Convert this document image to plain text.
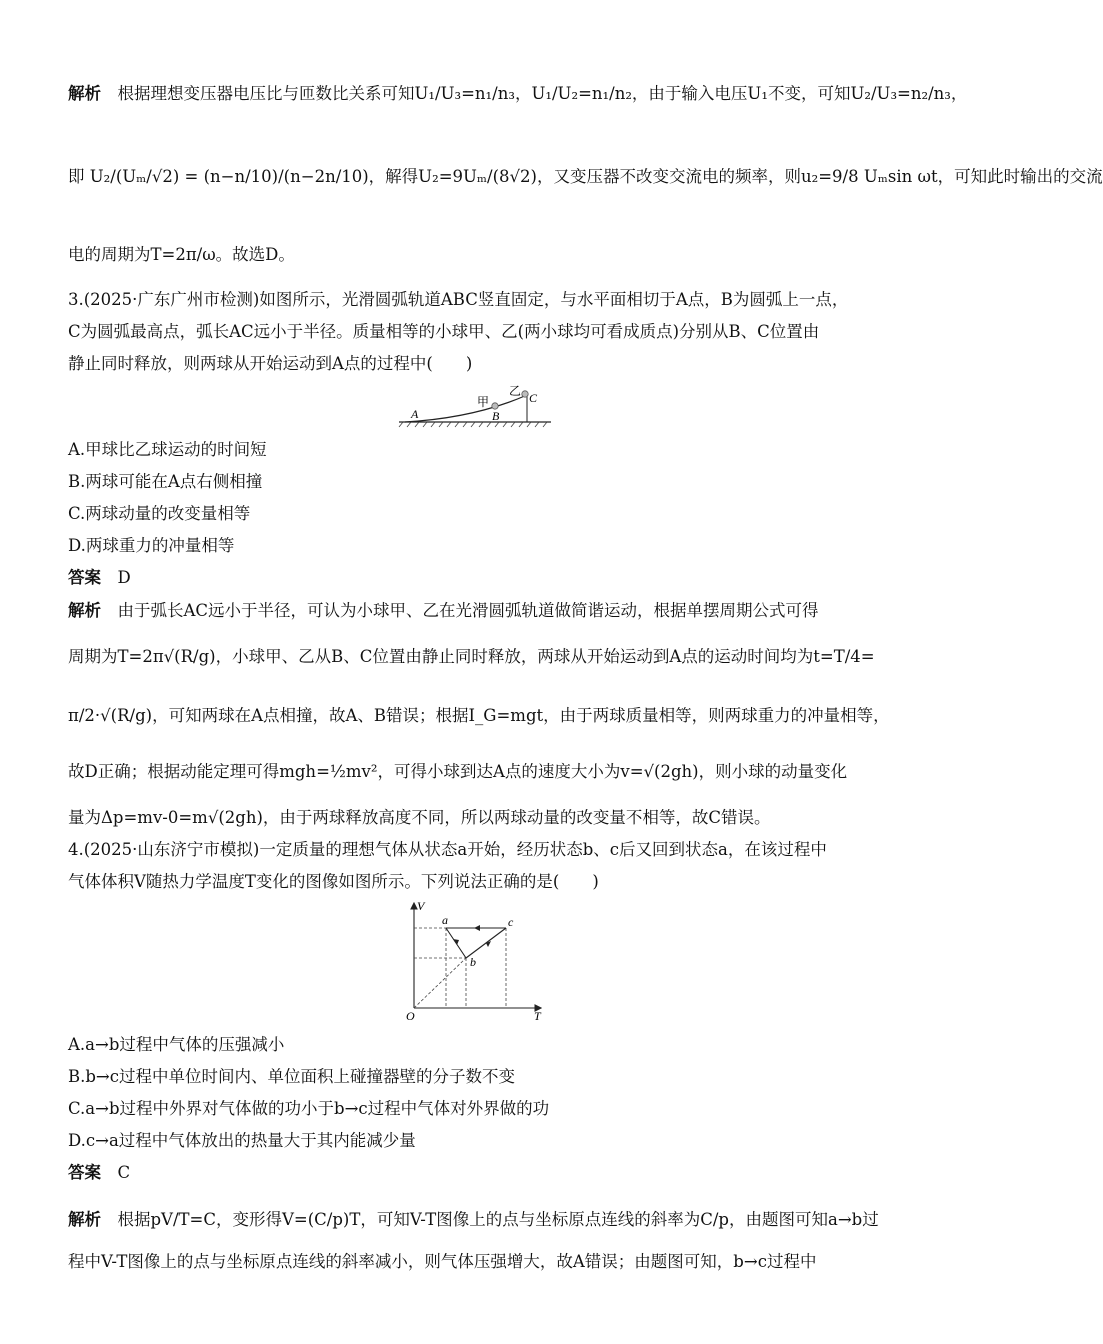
解析　 根据理想变压器电压比与匝数比关系可知U₁/U₃=n₁/n₃，U₁/U₂=n₁/n₂，由于输入电压U₁不变，可知U₂/U₃=n₂/n₃，
即 U₂/(Uₘ/√2) = (n−n/10)/(n−2n/10)，解得U₂=9Uₘ/(8√2)，又变压器不改变交流电的频率，则u₂=9/8 Uₘsin ωt，可知此时输出的交流
电的周期为T=2π/ω。故选D。
3.(2025·广东广州市检测)如图所示，光滑圆弧轨道ABC竖直固定，与水平面相切于A点，B为圆弧上一点，
C为圆弧最高点，弧长AC远小于半径。质量相等的小球甲、乙(两小球均可看成质点)分别从B、C位置由
静止同时释放，则两球从开始运动到A点的过程中(　　)
A	B
C
甲
乙
A.甲球比乙球运动的时间短
B.两球可能在A点右侧相撞
C.两球动量的改变量相等
D.两球重力的冲量相等
答案　 D
解析　 由于弧长AC远小于半径，可认为小球甲、乙在光滑圆弧轨道做简谐运动，根据单摆周期公式可得
周期为T=2π√(R/g)，小球甲、乙从B、C位置由静止同时释放，两球从开始运动到A点的运动时间均为t=T/4=
π/2·√(R/g)，可知两球在A点相撞，故A、B错误；根据I_G=mgt，由于两球质量相等，则两球重力的冲量相等，
故D正确；根据动能定理可得mgh=½mv²，可得小球到达A点的速度大小为v=√(2gh)，则小球的动量变化
量为Δp=mv-0=m√(2gh)，由于两球释放高度不同，所以两球动量的改变量不相等，故C错误。
4.(2025·山东济宁市模拟)一定质量的理想气体从状态a开始，经历状态b、c后又回到状态a，在该过程中
气体体积V随热力学温度T变化的图像如图所示。下列说法正确的是(　　)
V
T
O
a
b
c
A.a→b过程中气体的压强减小
B.b→c过程中单位时间内、单位面积上碰撞器壁的分子数不变
C.a→b过程中外界对气体做的功小于b→c过程中气体对外界做的功
D.c→a过程中气体放出的热量大于其内能减少量
答案　 C
解析　 根据pV/T=C，变形得V=(C/p)T，可知V-T图像上的点与坐标原点连线的斜率为C/p，由题图可知a→b过
程中V-T图像上的点与坐标原点连线的斜率减小，则气体压强增大，故A错误；由题图可知，b→c过程中
